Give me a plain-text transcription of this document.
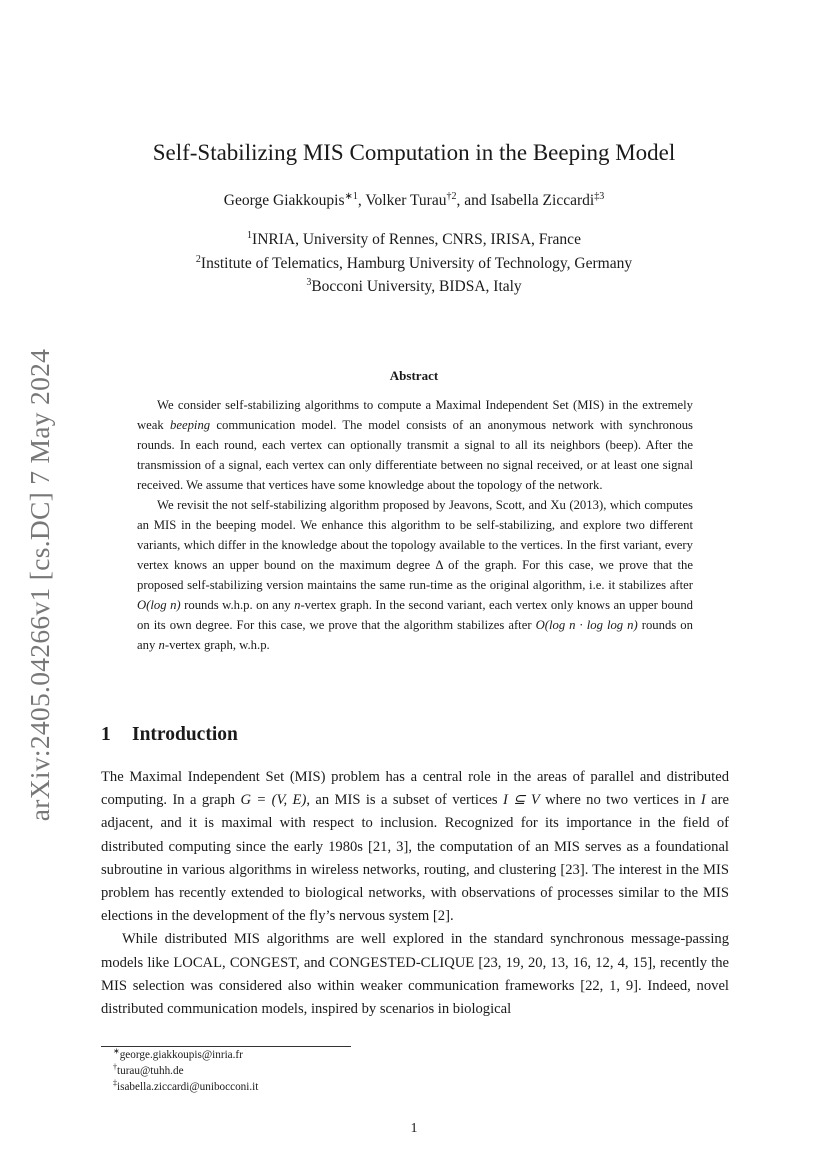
arXiv:2405.04266v1 [cs.DC] 7 May 2024
Self-Stabilizing MIS Computation in the Beeping Model
George Giakkoupis$^{∗1}$, Volker Turau$^{\dagger 2}$, and Isabella Ziccardi$^{\ddagger 3}$
$^1$INRIA, University of Rennes, CNRS, IRISA, France
$^2$Institute of Telematics, Hamburg University of Technology, Germany
$^3$Bocconi University, BIDSA, Italy
Abstract

We consider self-stabilizing algorithms to compute a Maximal Independent Set (MIS) in the extremely weak beeping communication model. The model consists of an anonymous network with synchronous rounds. In each round, each vertex can optionally transmit a signal to all its neighbors (beep). After the transmission of a signal, each vertex can only differentiate between no signal received, or at least one signal received. We assume that vertices have some knowledge about the topology of the network.

We revisit the not self-stabilizing algorithm proposed by Jeavons, Scott, and Xu (2013), which computes an MIS in the beeping model. We enhance this algorithm to be self-stabilizing, and explore two different variants, which differ in the knowledge about the topology available to the vertices. In the first variant, every vertex knows an upper bound on the maximum degree Δ of the graph. For this case, we prove that the proposed self-stabilizing version maintains the same run-time as the original algorithm, i.e. it stabilizes after O(log n) rounds w.h.p. on any n-vertex graph. In the second variant, each vertex only knows an upper bound on its own degree. For this case, we prove that the algorithm stabilizes after O(log n · log log n) rounds on any n-vertex graph, w.h.p.

1 Introduction

The Maximal Independent Set (MIS) problem has a central role in the areas of parallel and distributed computing. In a graph G = (V, E), an MIS is a subset of vertices I ⊆ V where no two vertices in I are adjacent, and it is maximal with respect to inclusion. Recognized for its importance in the field of distributed computing since the early 1980s [21, 3], the computation of an MIS serves as a foundational subroutine in various algorithms in wireless networks, routing, and clustering [23]. The interest in the MIS problem has recently extended to biological networks, with observations of processes similar to the MIS elections in the development of the fly’s nervous system [2].

While distributed MIS algorithms are well explored in the standard synchronous message-passing models like LOCAL, CONGEST, and CONGESTED-CLIQUE [23, 19, 20, 13, 16, 12, 4, 15], recently the MIS selection was considered also within weaker communication frameworks [22, 1, 9]. Indeed, novel distributed communication models, inspired by scenarios in biological

∗george.giakkoupis@inria.fr
†turau@tuhh.de
‡isabella.ziccardi@unibocconi.it
1
